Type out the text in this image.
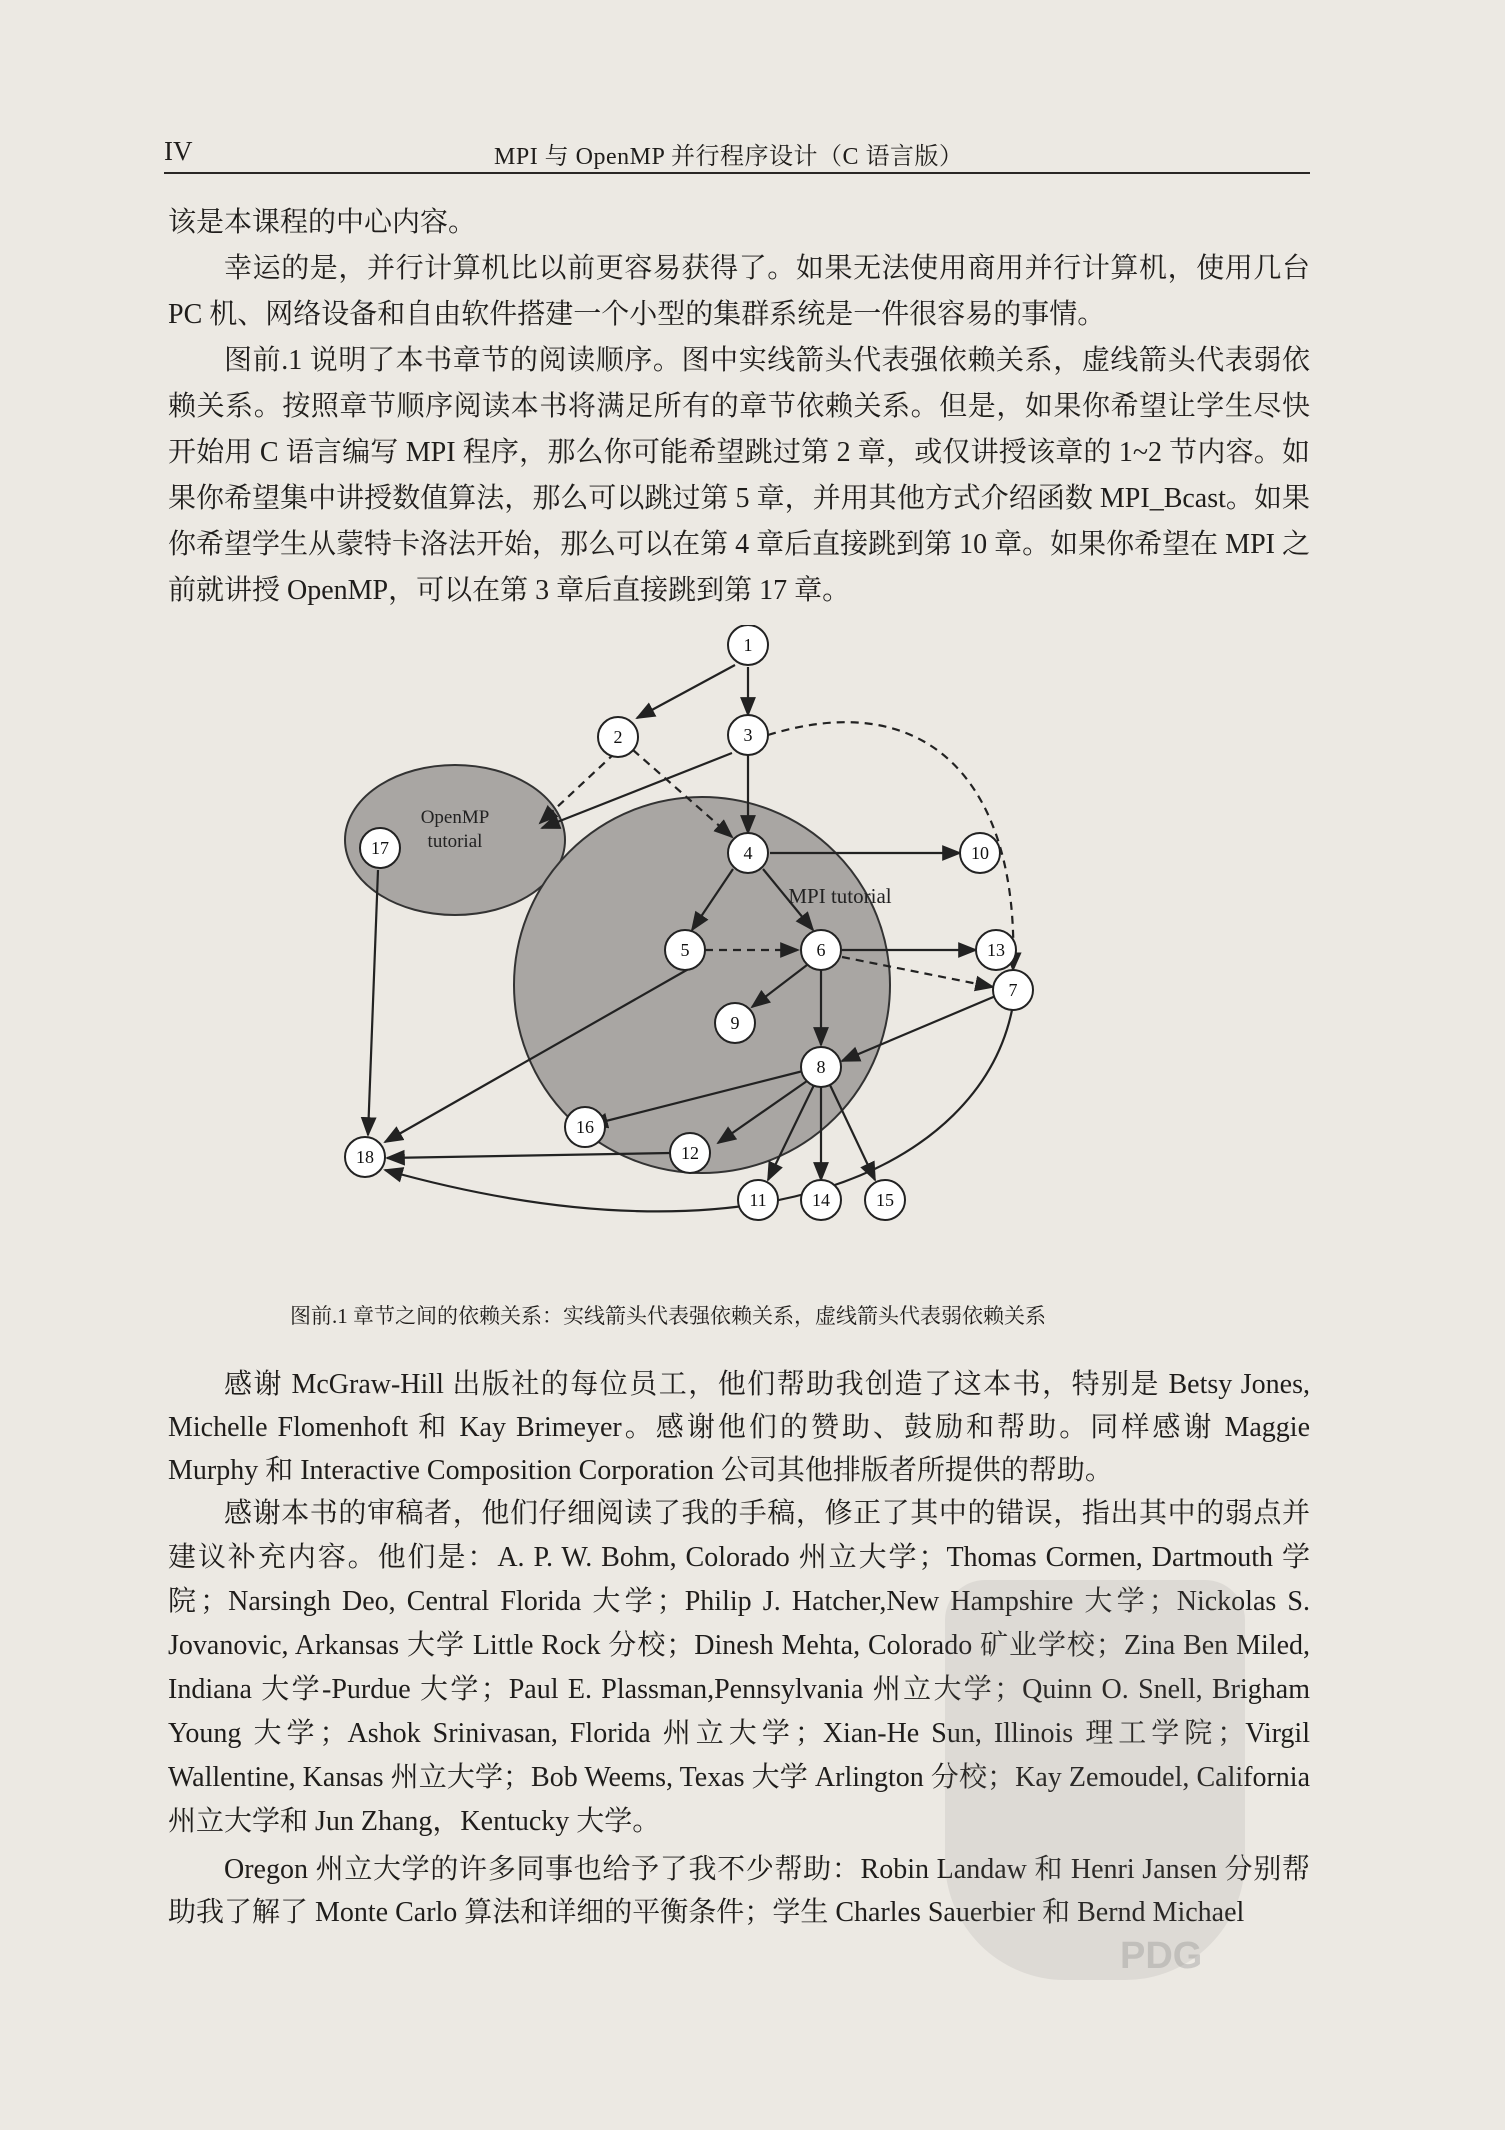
IV	MPI 与 OpenMP 并行程序设计（C 语言版）

该是本课程的中心内容。

幸运的是，并行计算机比以前更容易获得了。如果无法使用商用并行计算机，使用几台 PC 机、网络设备和自由软件搭建一个小型的集群系统是一件很容易的事情。

图前.1 说明了本书章节的阅读顺序。图中实线箭头代表强依赖关系，虚线箭头代表弱依赖关系。按照章节顺序阅读本书将满足所有的章节依赖关系。但是，如果你希望让学生尽快开始用 C 语言编写 MPI 程序，那么你可能希望跳过第 2 章，或仅讲授该章的 1~2 节内容。如果你希望集中讲授数值算法，那么可以跳过第 5 章，并用其他方式介绍函数 MPI_Bcast。如果你希望学生从蒙特卡洛法开始，那么可以在第 4 章后直接跳到第 10 章。如果你希望在 MPI 之前就讲授 OpenMP，可以在第 3 章后直接跳到第 17 章。

OpenMP
tutorial
MPI tutorial
1
2	3
4
5	6
7
8
9
10
11
12
13
14	15
16
17
18
图前.1 章节之间的依赖关系：实线箭头代表强依赖关系，虚线箭头代表弱依赖关系

感谢 McGraw-Hill 出版社的每位员工，他们帮助我创造了这本书，特别是 Betsy Jones, Michelle Flomenhoft 和 Kay Brimeyer。感谢他们的赞助、鼓励和帮助。同样感谢 Maggie Murphy 和 Interactive Composition Corporation 公司其他排版者所提供的帮助。

感谢本书的审稿者，他们仔细阅读了我的手稿，修正了其中的错误，指出其中的弱点并建议补充内容。他们是：A. P. W. Bohm, Colorado 州立大学；Thomas Cormen, Dartmouth 学院；Narsingh Deo, Central Florida 大学；Philip J. Hatcher,New Hampshire 大学；Nickolas S. Jovanovic, Arkansas 大学 Little Rock 分校；Dinesh Mehta, Colorado 矿业学校；Zina Ben Miled, Indiana 大学-Purdue 大学；Paul E. Plassman,Pennsylvania 州立大学；Quinn O. Snell, Brigham Young 大学；Ashok Srinivasan, Florida 州立大学；Xian-He Sun, Illinois 理工学院；Virgil Wallentine, Kansas 州立大学；Bob Weems, Texas 大学 Arlington 分校；Kay Zemoudel, California 州立大学和 Jun Zhang，Kentucky 大学。

Oregon 州立大学的许多同事也给予了我不少帮助：Robin Landaw 和 Henri Jansen 分别帮助我了解了 Monte Carlo 算法和详细的平衡条件；学生 Charles Sauerbier 和 Bernd Michael

PDG
